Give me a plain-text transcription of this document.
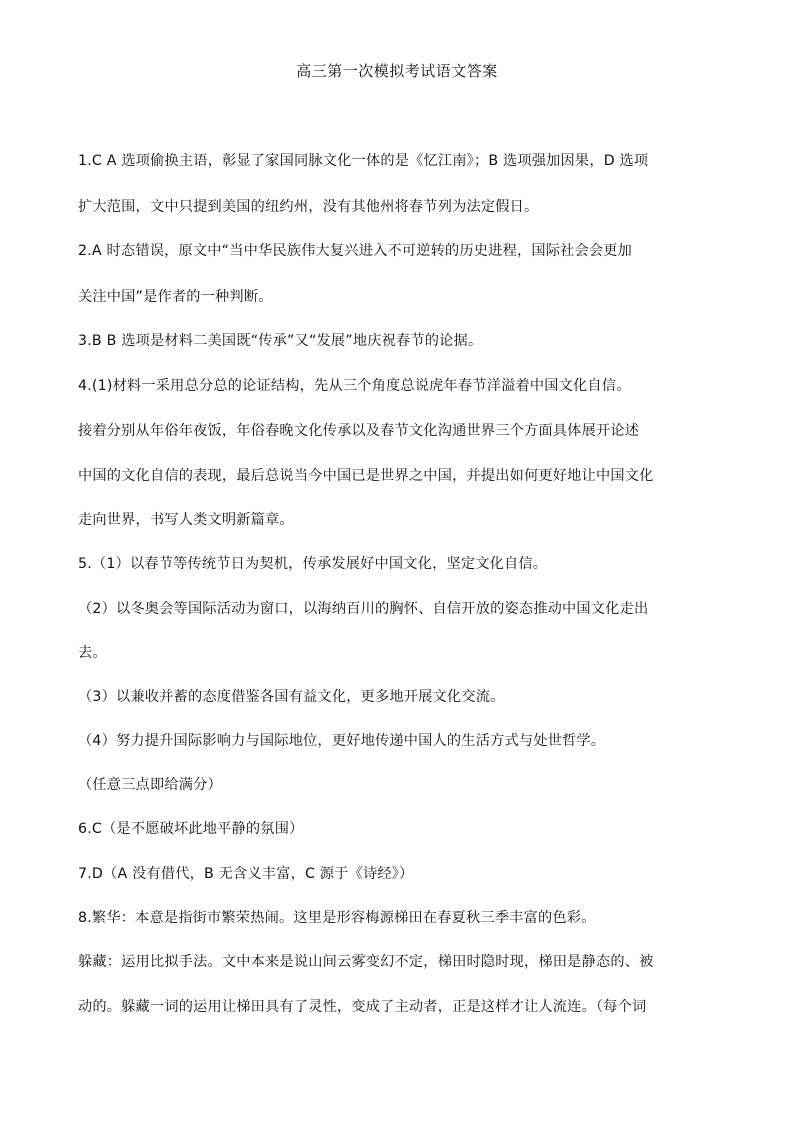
高三第一次模拟考试语文答案
1.C A 选项偷换主语，彰显了家国同脉文化一体的是《忆江南》；B 选项强加因果，D 选项
扩大范围，文中只提到美国的纽约州，没有其他州将春节列为法定假日。
2.A 时态错误，原文中“当中华民族伟大复兴进入不可逆转的历史进程，国际社会会更加
关注中国”是作者的一种判断。
3.B B 选项是材料二美国既“传承”又“发展”地庆祝春节的论据。
4.(1)材料一采用总分总的论证结构，先从三个角度总说虎年春节洋溢着中国文化自信。
接着分别从年俗年夜饭，年俗春晚文化传承以及春节文化沟通世界三个方面具体展开论述
中国的文化自信的表现，最后总说当今中国已是世界之中国，并提出如何更好地让中国文化
走向世界，书写人类文明新篇章。
5.（1）以春节等传统节日为契机，传承发展好中国文化，坚定文化自信。
（2）以冬奥会等国际活动为窗口，以海纳百川的胸怀、自信开放的姿态推动中国文化走出
去。
（3）以兼收并蓄的态度借鉴各国有益文化，更多地开展文化交流。
（4）努力提升国际影响力与国际地位，更好地传递中国人的生活方式与处世哲学。
（任意三点即给满分）
6.C（是不愿破坏此地平静的氛围）
7.D（A 没有借代，B 无含义丰富，C 源于《诗经》）
8.繁华：本意是指街市繁荣热闹。这里是形容梅源梯田在春夏秋三季丰富的色彩。
躲藏：运用比拟手法。文中本来是说山间云雾变幻不定，梯田时隐时现，梯田是静态的、被
动的。躲藏一词的运用让梯田具有了灵性，变成了主动者，正是这样才让人流连。（每个词
